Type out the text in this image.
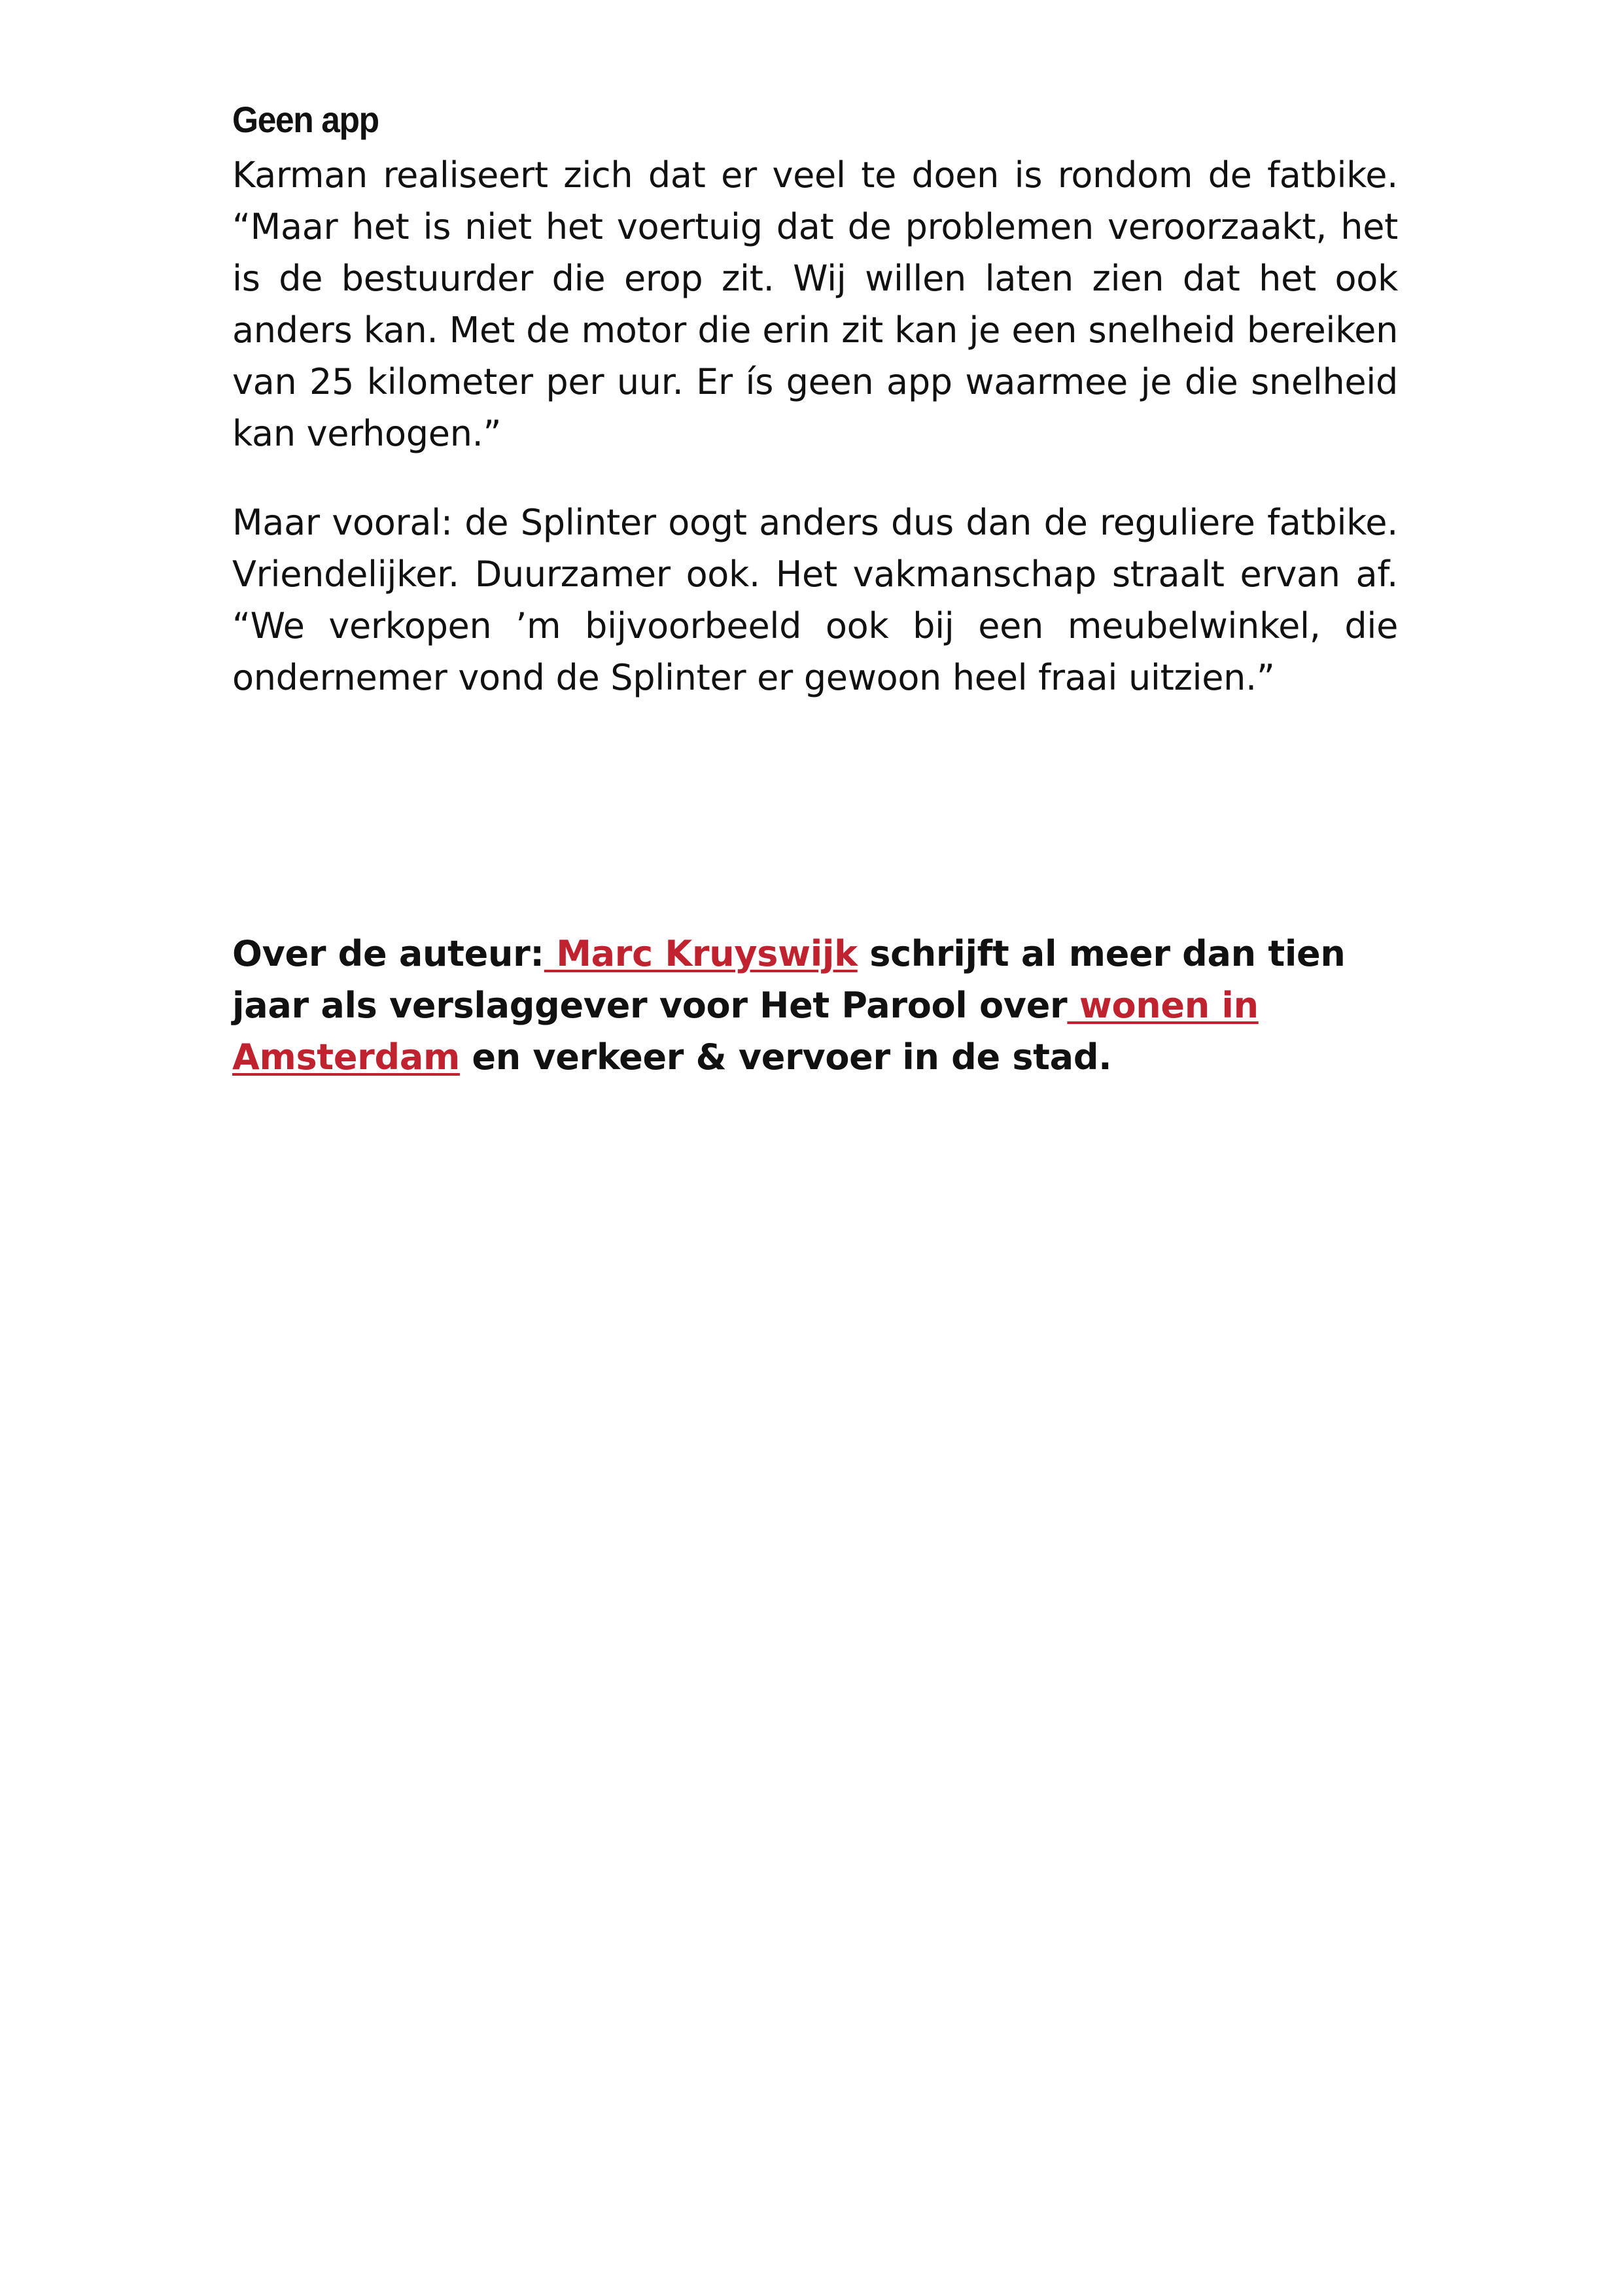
Geen app

Karman realiseert zich dat er veel te doen is rondom de fatbike. “Maar het is niet het voertuig dat de problemen veroorzaakt, het is de bestuurder die erop zit. Wij willen laten zien dat het ook anders kan. Met de motor die erin zit kan je een snelheid bereiken van 25 kilometer per uur. Er ís geen app waarmee je die snelheid kan verhogen.”

Maar vooral: de Splinter oogt anders dus dan de reguliere fatbike. Vriendelijker. Duurzamer ook. Het vakmanschap straalt ervan af. “We verkopen ’m bijvoorbeeld ook bij een meubelwinkel, die ondernemer vond de Splinter er gewoon heel fraai uitzien.”

Over de auteur: Marc Kruyswijk schrijft al meer dan tien jaar als verslaggever voor Het Parool over wonen in Amsterdam en verkeer & vervoer in de stad.
